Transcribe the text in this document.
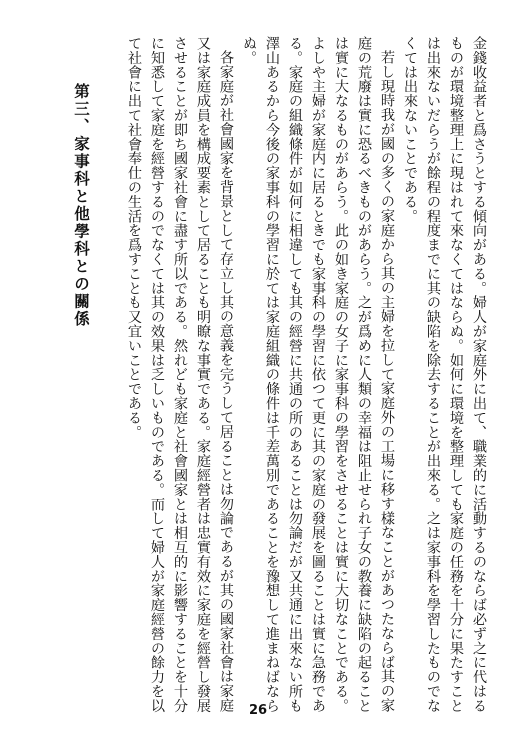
金錢收益者と爲さうとする傾向がある。婦人が家庭外に出て、職業的に活動するのならば必ず之に代はるものが環境整理上に現はれて來なくてはならぬ。如何に環境を整理しても家庭の任務を十分に果たすことは出來ないだらうが餘程の程度までに其の缺陷を除去することが出來る。之は家事科を學習したものでなくては出來ないことである。

若し現時我が國の多くの家庭から其の主婦を拉して家庭外の工場に移す樣なことがあつたならば其の家庭の荒廢は實に恐るべきものがあらう。之が爲めに人類の幸福は阻止せられ子女の教養に缺陷の起ることは實に大なるものがあらう。此の如き家庭の女子に家事科の學習をさせることは實に大切なことである。よしや主婦が家庭内に居るときでも家事科の學習に依つて更に其の家庭の發展を圖ることは實に急務である。家庭の組織條件が如何に相違しても其の經營に共通の所のあることは勿論だが又共通に出來ない所も澤山あるから今後の家事科の學習に於ては家庭組織の條件は千差萬別であることを豫想して進まねばならぬ。

各家庭が社會國家を背景として存立し其の意義を完うして居ることは勿論であるが其の國家社會は家庭又は家庭成員を構成要素として居ることも明瞭な事實である。家庭經營者は忠實有效に家庭を經營し發展させることが即ち國家社會に盡す所以である。然れども家庭と社會國家とは相互的に影響することを十分に知悉して家庭を經營するのでなくては其の效果は乏しいものである。而して婦人が家庭經營の餘力を以て社會に出て社會奉仕の生活を爲すことも又宜いことである。

第三、家事科と他學科との關係

26
